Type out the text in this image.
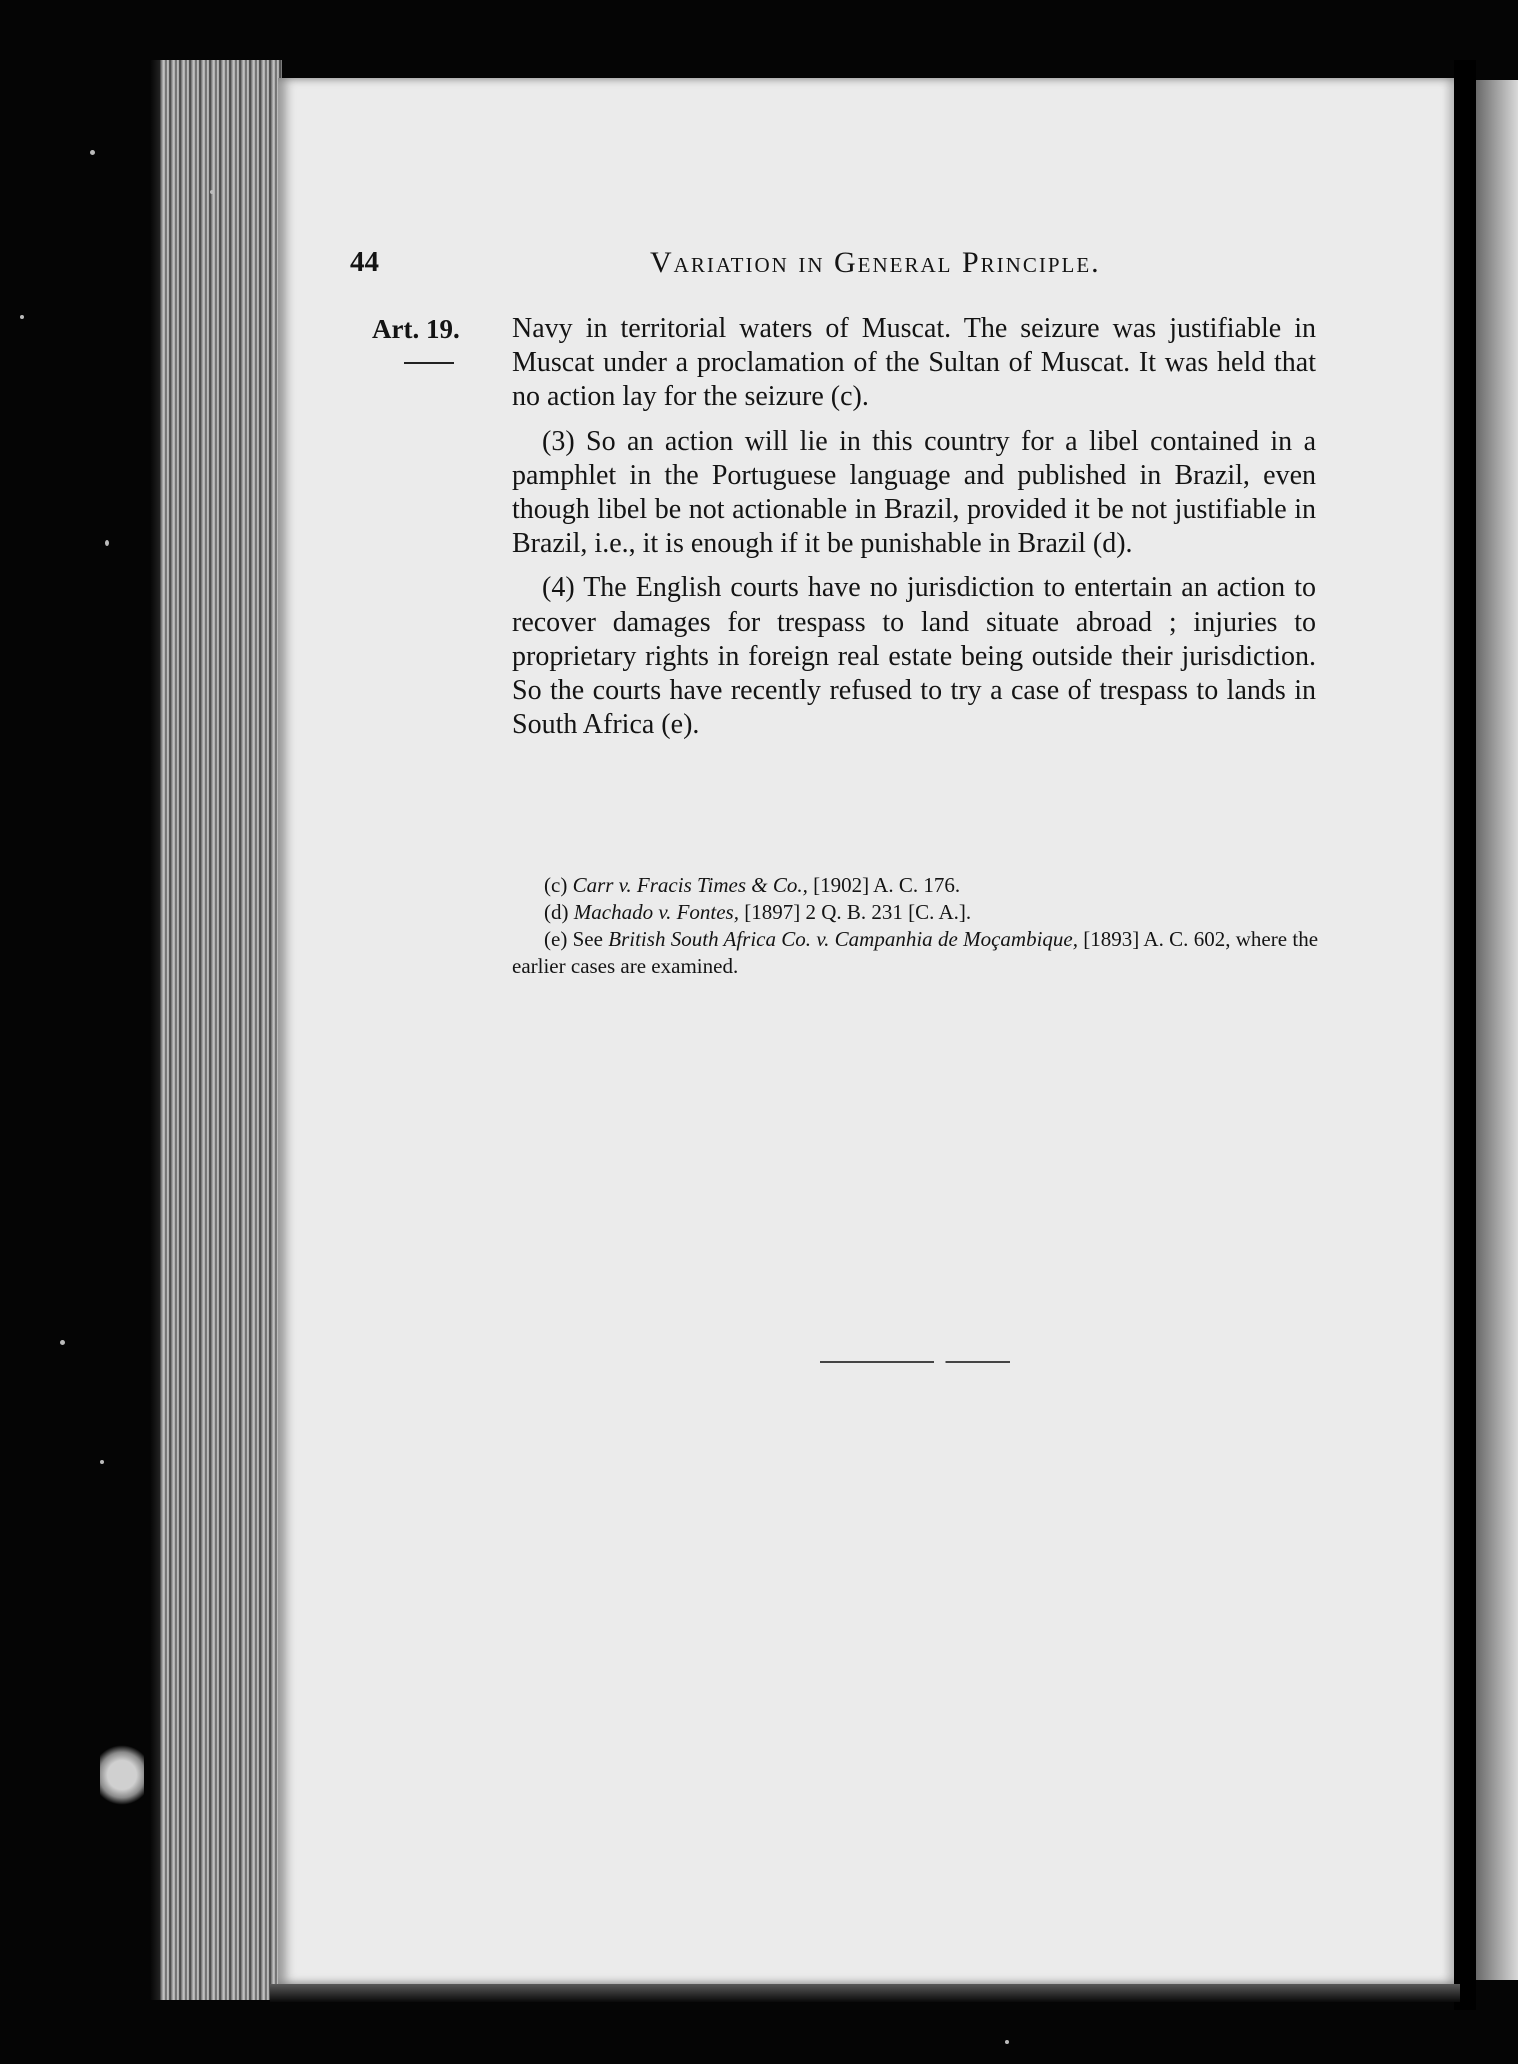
44	Variation in General Principle.
Art. 19. Navy in territorial waters of Muscat. The seizure was justifiable in Muscat under a proclamation of the Sultan of Muscat. It was held that no action lay for the seizure (c).

(3) So an action will lie in this country for a libel contained in a pamphlet in the Portuguese language and published in Brazil, even though libel be not actionable in Brazil, provided it be not justifiable in Brazil, i.e., it is enough if it be punishable in Brazil (d).

(4) The English courts have no jurisdiction to entertain an action to recover damages for trespass to land situate abroad ; injuries to proprietary rights in foreign real estate being outside their jurisdiction. So the courts have recently refused to try a case of trespass to lands in South Africa (e).

(c) Carr v. Fracis Times & Co., [1902] A. C. 176.

(d) Machado v. Fontes, [1897] 2 Q. B. 231 [C. A.].

(e) See British South Africa Co. v. Campanhia de Moçambique, [1893] A. C. 602, where the earlier cases are examined.
